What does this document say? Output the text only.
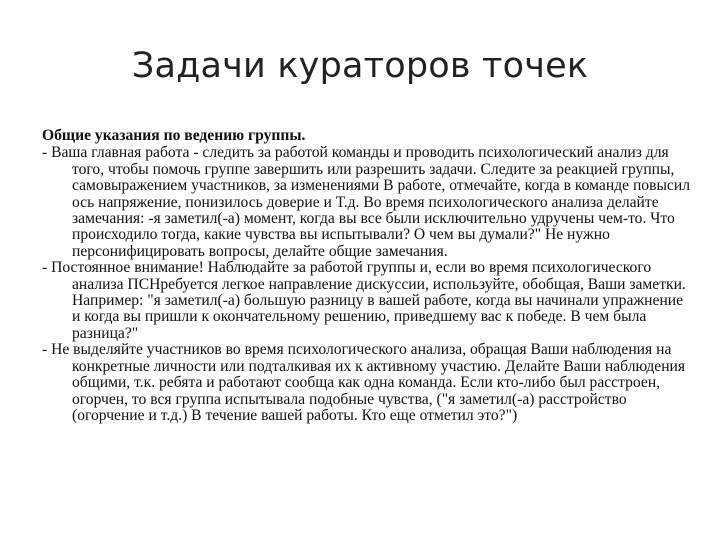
Задачи кураторов точек

Общие указания по ведению группы.

- Ваша главная работа - следить за работой команды и проводить психологический анализ для того, чтобы помочь группе завершить или разрешить задачи. Следите за реакцией группы, самовыражением участников, за изменениями В работе, отмечайте, когда в команде повысил ось напряжение, понизилось доверие и Т.д. Во время психологического анализа делайте замечания: -я заметил(-а) момент, когда вы все были исключительно удручены чем-то. Что происходило тогда, какие чувства вы испытывали? О чем вы думали?" Не нужно персонифицировать вопросы, делайте общие замечания.

- Постоянное внимание! Наблюдайте за работой группы и, если во время психологического анализа ПСНребуется легкое направление дискуссии, используйте, обобщая, Ваши заметки. Например: "я заметил(-а) большую разницу в вашей работе, когда вы начинали упражнение и когда вы пришли к окончательному решению, приведшему вас к победе. В чем была разница?"

- Не выделяйте участников во время психологического анализа, обращая Ваши наблюдения на конкретные личности или подталкивая их к активному участию. Делайте Ваши наблюдения общими, т.к. ребята и работают сообща как одна команда. Если кто-либо был расстроен, огорчен, то вся группа испытывала подобные чувства, ("я заметил(-а) расстройство (огорчение и т.д.) В течение вашей работы. Кто еще отметил это?")
